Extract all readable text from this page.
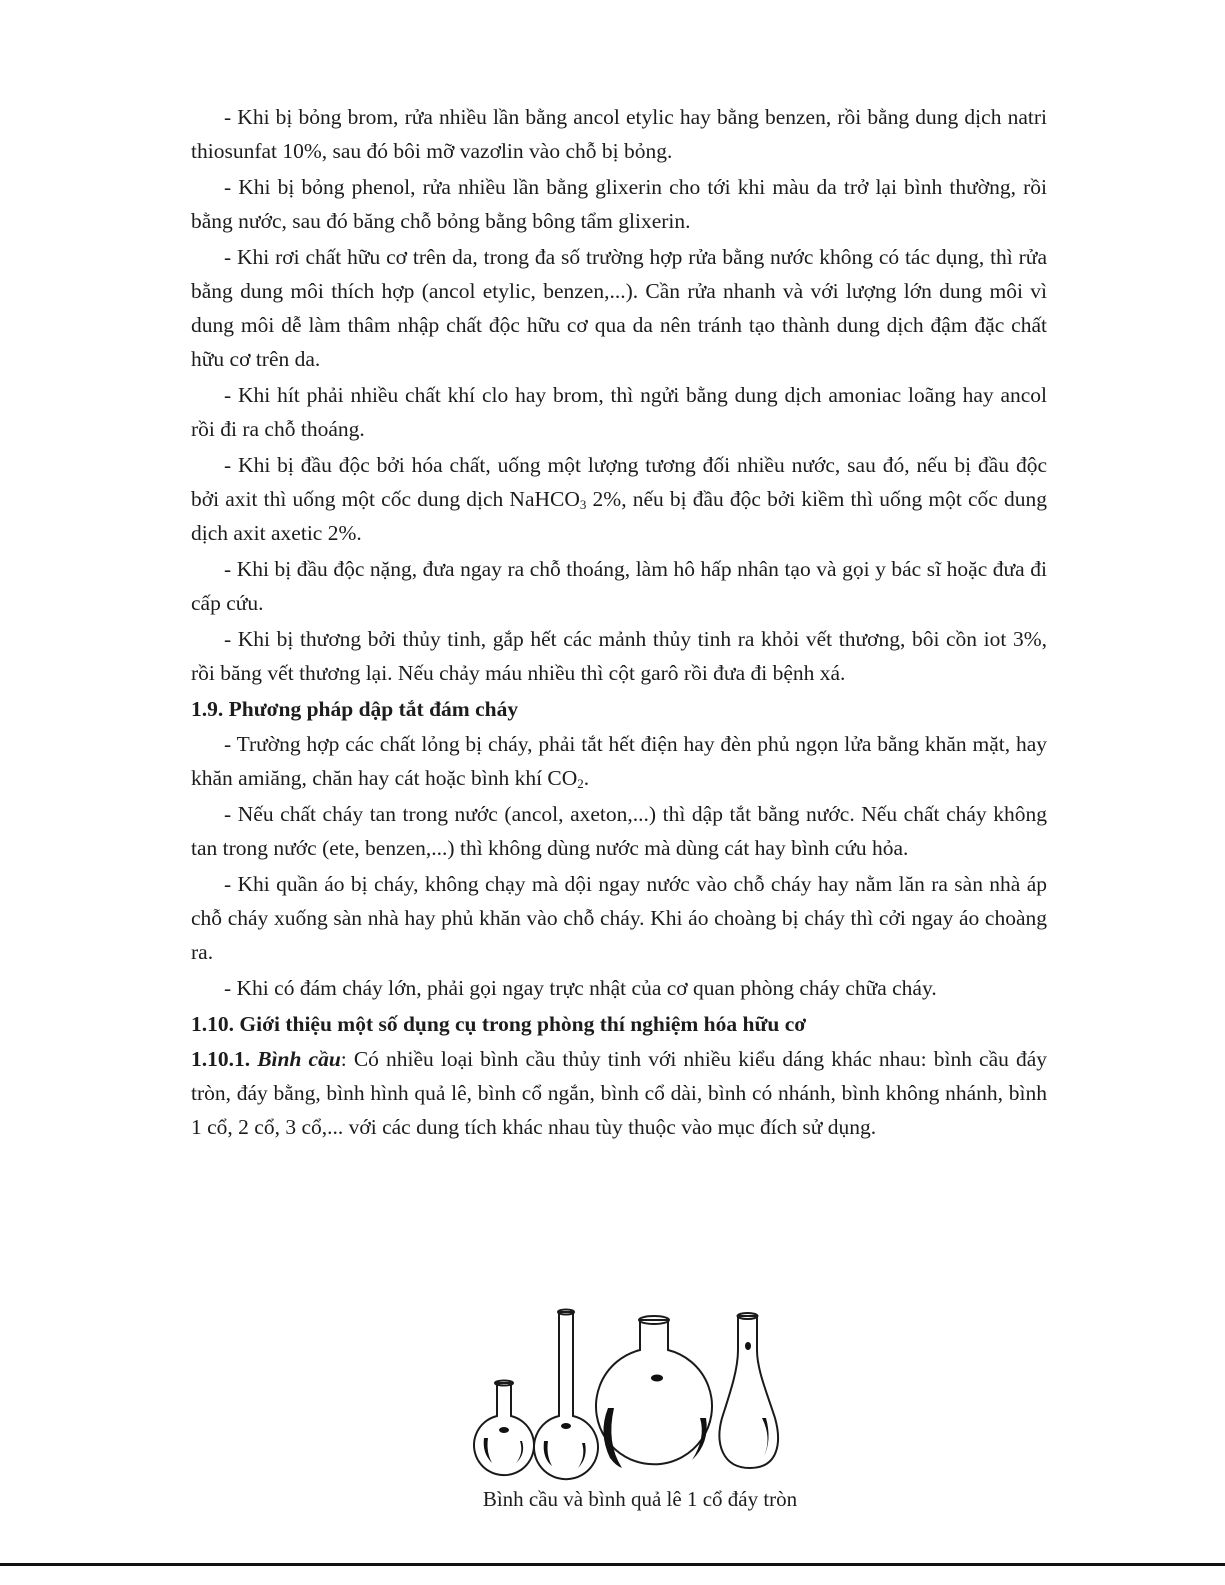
- Khi bị bỏng brom, rửa nhiều lần bằng ancol etylic hay bằng benzen, rồi bằng dung dịch natri thiosunfat 10%, sau đó bôi mỡ vazơlin vào chỗ bị bỏng.

- Khi bị bỏng phenol, rửa nhiều lần bằng glixerin cho tới khi màu da trở lại bình thường, rồi bằng nước, sau đó băng chỗ bỏng bằng bông tẩm glixerin.

- Khi rơi chất hữu cơ trên da, trong đa số trường hợp rửa bằng nước không có tác dụng, thì rửa bằng dung môi thích hợp (ancol etylic, benzen,...). Cần rửa nhanh và với lượng lớn dung môi vì dung môi dễ làm thâm nhập chất độc hữu cơ qua da nên tránh tạo thành dung dịch đậm đặc chất hữu cơ trên da.

- Khi hít phải nhiều chất khí clo hay brom, thì ngửi bằng dung dịch amoniac loãng hay ancol rồi đi ra chỗ thoáng.

- Khi bị đầu độc bởi hóa chất, uống một lượng tương đối nhiều nước, sau đó, nếu bị đầu độc bởi axit thì uống một cốc dung dịch NaHCO$_3$ 2%, nếu bị đầu độc bởi kiềm thì uống một cốc dung dịch axit axetic 2%.

- Khi bị đầu độc nặng, đưa ngay ra chỗ thoáng, làm hô hấp nhân tạo và gọi y bác sĩ hoặc đưa đi cấp cứu.

- Khi bị thương bởi thủy tinh, gắp hết các mảnh thủy tinh ra khỏi vết thương, bôi cồn iot 3%, rồi băng vết thương lại. Nếu chảy máu nhiều thì cột garô rồi đưa đi bệnh xá.

1.9. Phương pháp dập tắt đám cháy

- Trường hợp các chất lỏng bị cháy, phải tắt hết điện hay đèn phủ ngọn lửa bằng khăn mặt, hay khăn amiăng, chăn hay cát hoặc bình khí $CO_2$.

- Nếu chất cháy tan trong nước (ancol, axeton,...) thì dập tắt bằng nước. Nếu chất cháy không tan trong nước (ete, benzen,...) thì không dùng nước mà dùng cát hay bình cứu hỏa.

- Khi quần áo bị cháy, không chạy mà dội ngay nước vào chỗ cháy hay nằm lăn ra sàn nhà áp chỗ cháy xuống sàn nhà hay phủ khăn vào chỗ cháy. Khi áo choàng bị cháy thì cởi ngay áo choàng ra.

- Khi có đám cháy lớn, phải gọi ngay trực nhật của cơ quan phòng cháy chữa cháy.

1.10. Giới thiệu một số dụng cụ trong phòng thí nghiệm hóa hữu cơ

1.10.1. Bình cầu: Có nhiều loại bình cầu thủy tinh với nhiều kiểu dáng khác nhau: bình cầu đáy tròn, đáy bằng, bình hình quả lê, bình cổ ngắn, bình cổ dài, bình có nhánh, bình không nhánh, bình 1 cổ, 2 cổ, 3 cổ,... với các dung tích khác nhau tùy thuộc vào mục đích sử dụng.

Bình cầu và bình quả lê 1 cổ đáy tròn
